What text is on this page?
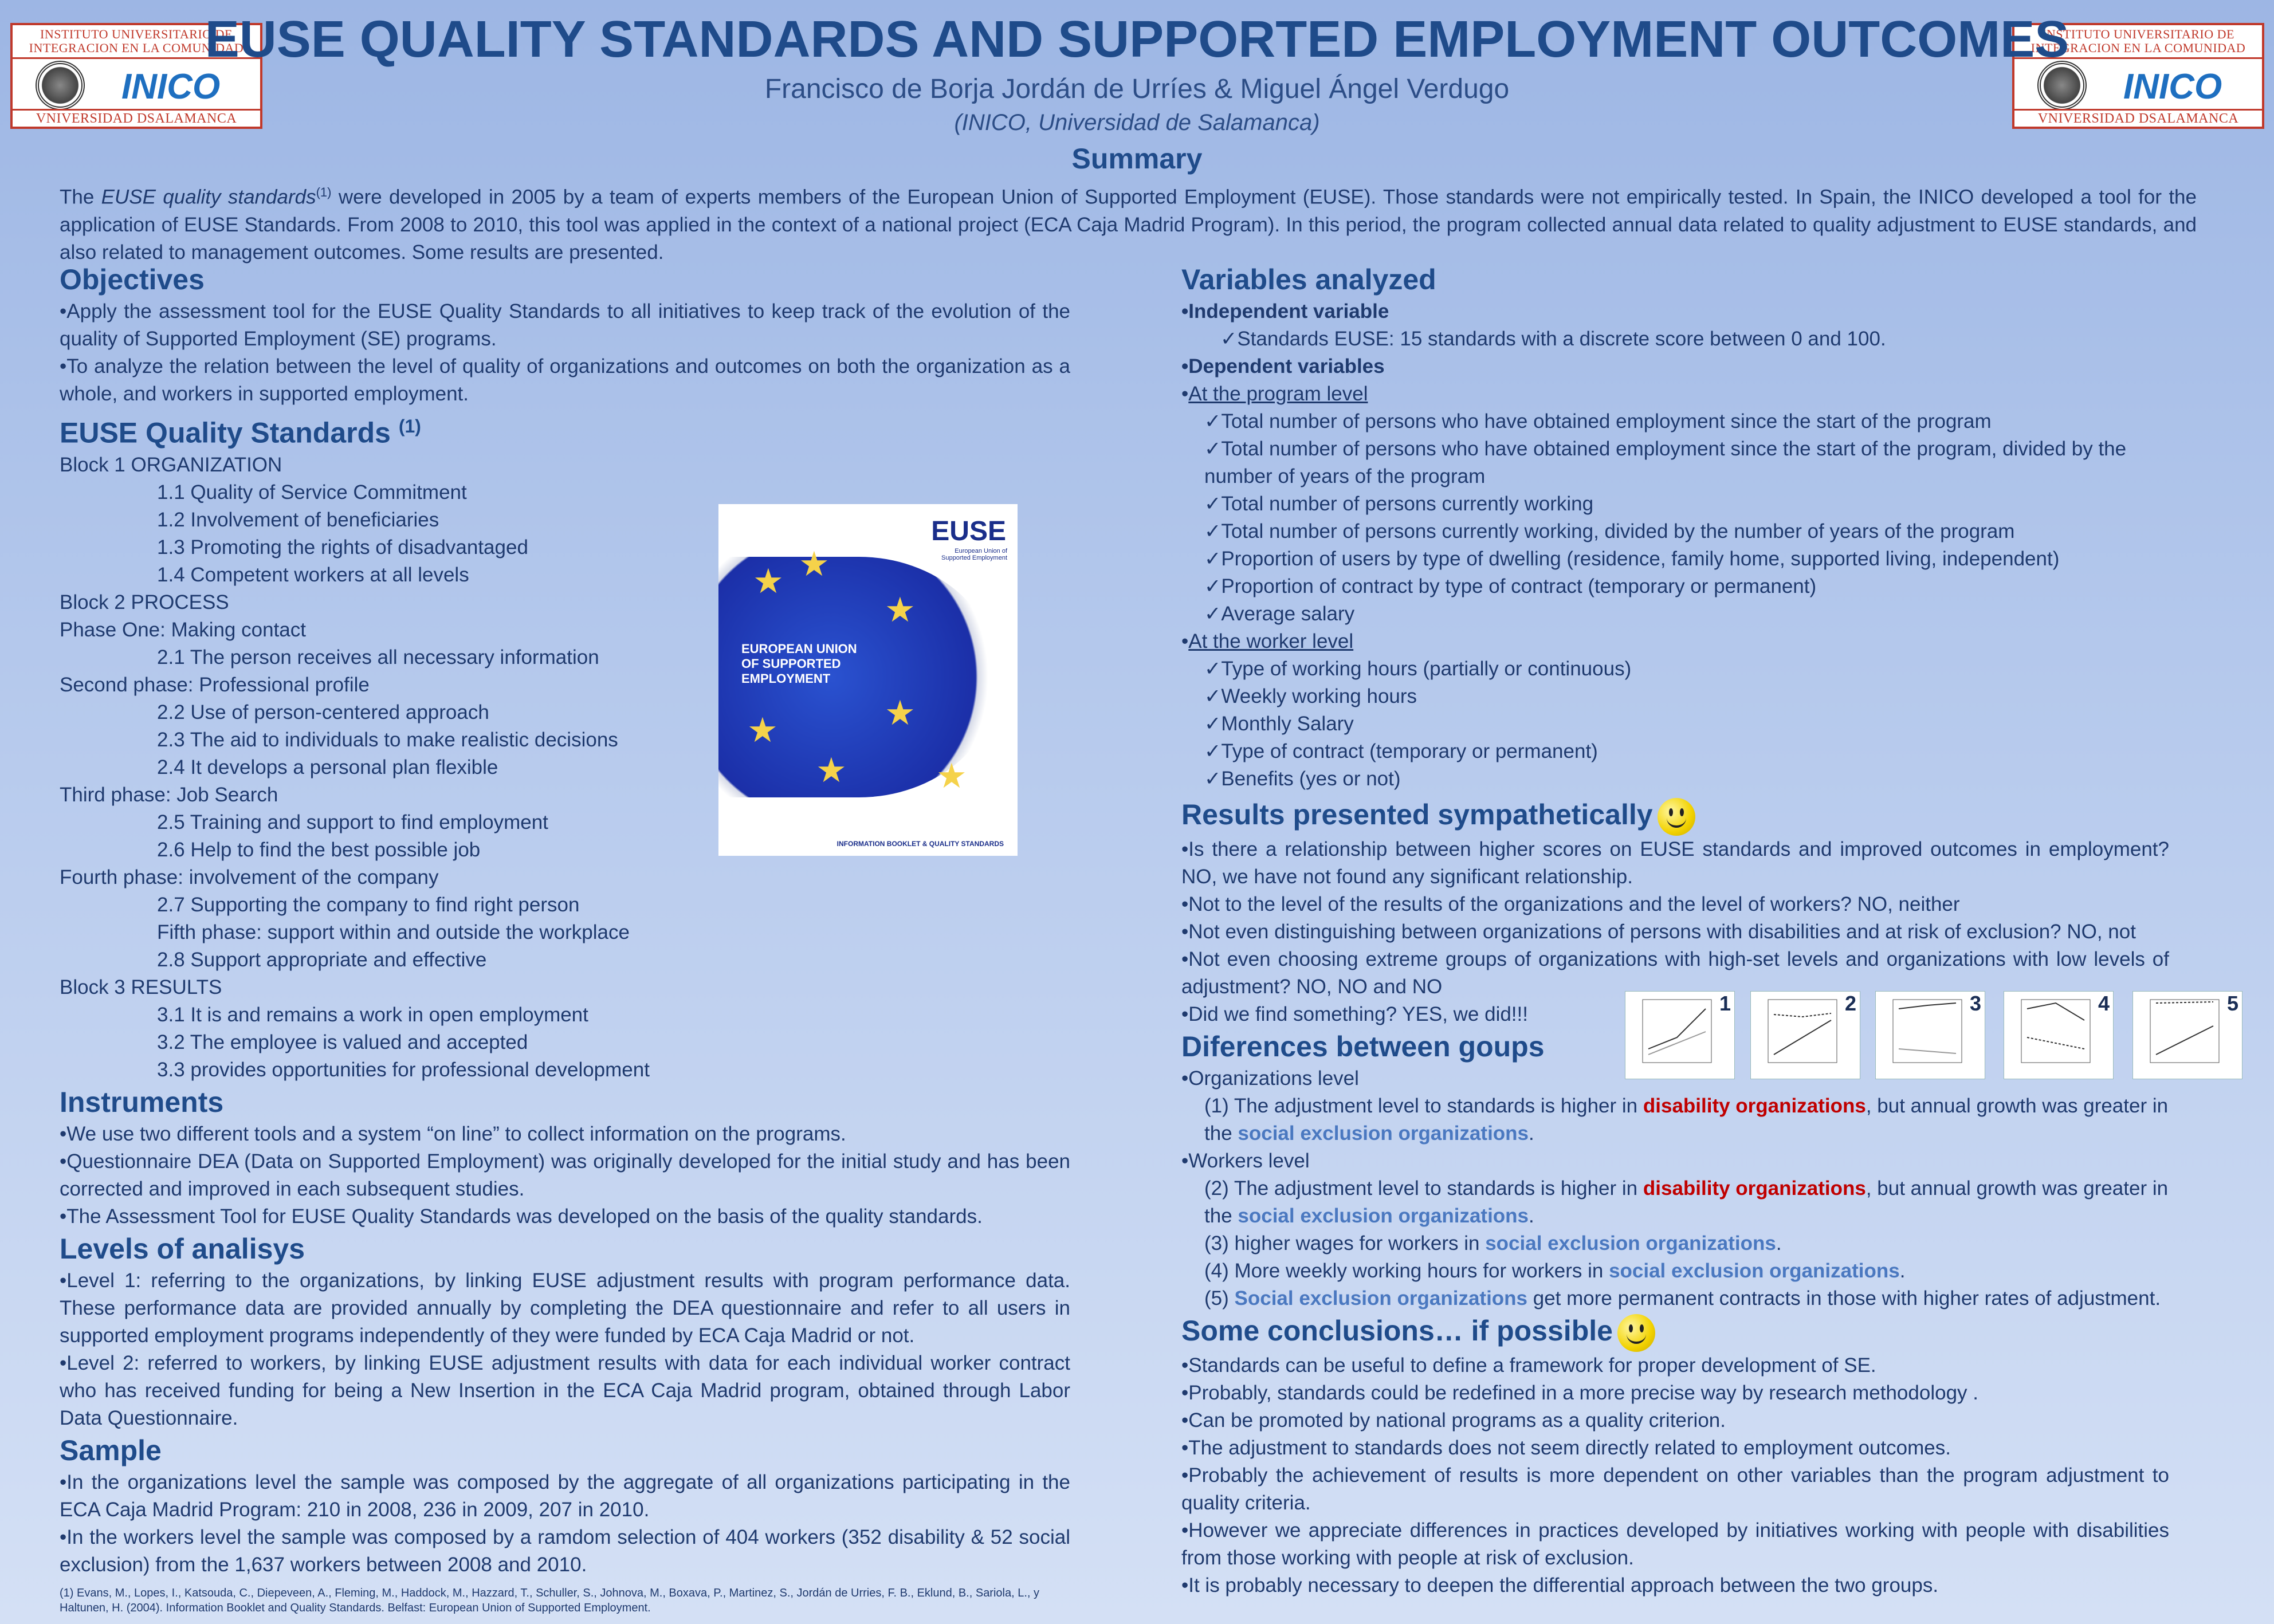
INSTITUTO UNIVERSITARIO DE INTEGRACION EN LA COMUNIDAD
INICO
VNIVERSIDAD DSALAMANCA
INSTITUTO UNIVERSITARIO DE INTEGRACION EN LA COMUNIDAD
INICO
VNIVERSIDAD DSALAMANCA
EUSE QUALITY STANDARDS AND SUPPORTED EMPLOYMENT OUTCOMES
Francisco de Borja Jordán de Urríes & Miguel Ángel Verdugo
(INICO, Universidad de Salamanca)
Summary
The EUSE quality standards$^{(1)}$ were developed in 2005 by a team of experts members of the European Union of Supported Employment (EUSE). Those standards were not empirically tested. In Spain, the INICO developed a tool for the application of EUSE Standards. From 2008 to 2010, this tool was applied in the context of a national project (ECA Caja Madrid Program). In this period, the program collected annual data related to quality adjustment to EUSE standards, and also related to management outcomes. Some results are presented.
Objectives

•Apply the assessment tool for the EUSE Quality Standards to all initiatives to keep track of the evolution of the quality of Supported Employment (SE) programs.

•To analyze the relation between the level of quality of organizations and outcomes on both the organization as a whole, and workers in supported employment.

EUSE Quality Standards $^{(1)}$

Block 1 ORGANIZATION

1.1 Quality of Service Commitment

1.2 Involvement of beneficiaries

1.3 Promoting the rights of disadvantaged

1.4 Competent workers at all levels

Block 2 PROCESS

Phase One: Making contact

2.1 The person receives all necessary information

Second phase: Professional profile

2.2 Use of person-centered approach

2.3 The aid to individuals to make realistic decisions

2.4 It develops a personal plan flexible

Third phase: Job Search

2.5 Training and support to find employment

2.6 Help to find the best possible job

Fourth phase: involvement of the company

2.7 Supporting the company to find right person

Fifth phase: support within and outside the workplace

2.8 Support appropriate and effective

Block 3 RESULTS

3.1 It is and remains a work in open employment

3.2 The employee is valued and accepted

3.3 provides opportunities for professional development

Instruments

•We use two different tools and a system “on line” to collect information on the programs.

•Questionnaire DEA (Data on Supported Employment) was originally developed for the initial study and has been corrected and improved in each subsequent studies.

•The Assessment Tool for EUSE Quality Standards was developed on the basis of the quality standards.

Levels of analisys

•Level 1: referring to the organizations, by linking EUSE adjustment results with program performance data. These performance data are provided annually by completing the DEA questionnaire and refer to all users in supported employment programs independently of they were funded by ECA Caja Madrid or not.

•Level 2: referred to workers, by linking EUSE adjustment results with data for each individual worker contract who has received funding for being a New Insertion in the ECA Caja Madrid program, obtained through Labor Data Questionnaire.

Sample

•In the organizations level the sample was composed by the aggregate of all organizations participating in the ECA Caja Madrid Program: 210 in 2008, 236 in 2009, 207 in 2010.

•In the workers level the sample was composed by a ramdom selection of 404 workers (352 disability & 52 social exclusion) from the 1,637 workers between 2008 and 2010.

(1) Evans, M., Lopes, I., Katsouda, C., Diepeveen, A., Fleming, M., Haddock, M., Hazzard, T., Schuller, S., Johnova, M., Boxava, P., Martinez, S., Jordán de Urries, F. B., Eklund, B., Sariola, L., y Haltunen, H. (2004). Information Booklet and Quality Standards. Belfast: European Union of Supported Employment.

★ ★
★
★
★
★
★
EUSE
European Union of Supported Employment
EUROPEAN UNION OF SUPPORTED EMPLOYMENT
INFORMATION BOOKLET & QUALITY STANDARDS
Variables analyzed

•Independent variable

✓Standards EUSE: 15 standards with a discrete score between 0 and 100.

•Dependent variables

•At the program level

✓Total number of persons who have obtained employment since the start of the program

✓Total number of persons who have obtained employment since the start of the program, divided by the number of years of the program

✓Total number of persons currently working

✓Total number of persons currently working, divided by the number of years of the program

✓Proportion of users by type of dwelling (residence, family home, supported living, independent)

✓Proportion of contract by type of contract (temporary or permanent)

✓Average salary

•At the worker level

✓Type of working hours (partially or continuous)

✓Weekly working hours

✓Monthly Salary

✓Type of contract (temporary or permanent)

✓Benefits (yes or not)

Results presented sympathetically

•Is there a relationship between higher scores on EUSE standards and improved outcomes in employment? NO, we have not found any significant relationship.

•Not to the level of the results of the organizations and the level of workers? NO, neither

•Not even distinguishing between organizations of persons with disabilities and at risk of exclusion? NO, not

•Not even choosing extreme groups of organizations with high-set levels and organizations with low levels of adjustment? NO, NO and NO

•Did we find something? YES, we did!!!

Diferences between goups

•Organizations level

(1) The adjustment level to standards is higher in disability organizations, but annual growth was greater in the social exclusion organizations.

•Workers level

(2) The adjustment level to standards is higher in disability organizations, but annual growth was greater in the social exclusion organizations.

(3) higher wages for workers in social exclusion organizations.

(4) More weekly working hours for workers in social exclusion organizations.

(5) Social exclusion organizations get more permanent contracts in those with higher rates of adjustment.

Some conclusions… if possible

•Standards can be useful to define a framework for proper development of SE.

•Probably, standards could be redefined in a more precise way by research methodology .

•Can be promoted by national programs as a quality criterion.

•The adjustment to standards does not seem directly related to employment outcomes.

•Probably the achievement of results is more dependent on other variables than the program adjustment to quality criteria.

•However we appreciate differences in practices developed by initiatives working with people with disabilities from those working with people at risk of exclusion.

•It is probably necessary to deepen the differential approach between the two groups.

1	2	3	4	5
